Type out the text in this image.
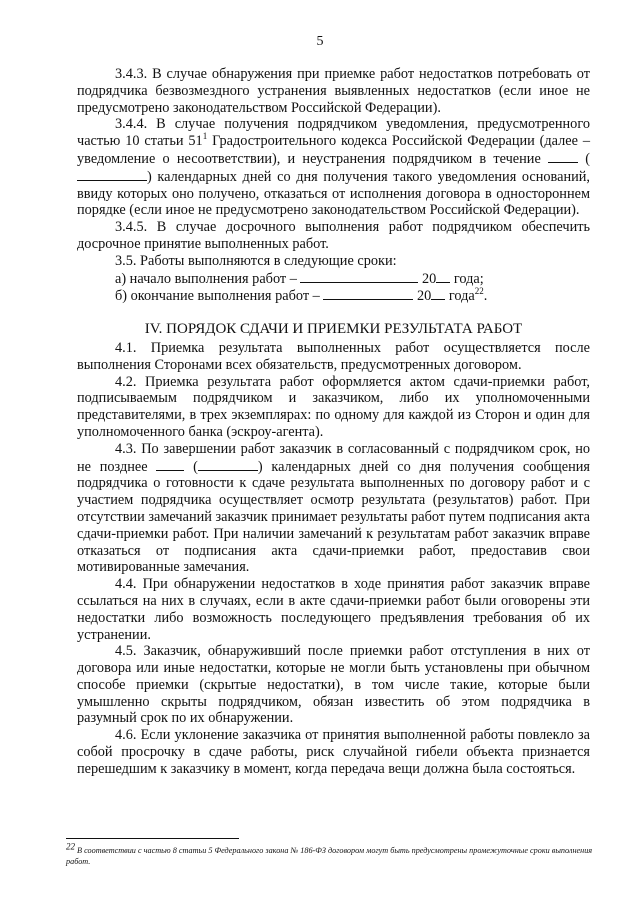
5

3.4.3. В случае обнаружения при приемке работ недостатков потребовать от подрядчика безвозмездного устранения выявленных недостатков (если иное не предусмотрено законодательством Российской Федерации).

3.4.4. В случае получения подрядчиком уведомления, предусмотренного частью 10 статьи $51^1$ Градостроительного кодекса Российской Федерации (далее – уведомление о несоответствии), и неустранения подрядчиком в течение  () календарных дней со дня получения такого уведомления оснований, ввиду которых оно получено, отказаться от исполнения договора в одностороннем порядке (если иное не предусмотрено законодательством Российской Федерации).

3.4.5. В случае досрочного выполнения работ подрядчиком обеспечить досрочное принятие выполненных работ.

3.5. Работы выполняются в следующие сроки:

а) начало выполнения работ –	20 года;

б) окончание выполнения работ –	20 года$^{22}$.

IV. ПОРЯДОК СДАЧИ И ПРИЕМКИ РЕЗУЛЬТАТА РАБОТ

4.1. Приемка результата выполненных работ осуществляется после выполнения Сторонами всех обязательств, предусмотренных договором.

4.2. Приемка результата работ оформляется актом сдачи-приемки работ, подписываемым подрядчиком и заказчиком, либо их уполномоченными представителями, в трех экземплярах: по одному для каждой из Сторон и один для уполномоченного банка (эскроу-агента).

4.3. По завершении работ заказчик в согласованный с подрядчиком срок, но не позднее  (	) календарных дней со дня получения сообщения подрядчика о готовности к сдаче результата выполненных по договору работ и с участием подрядчика осуществляет осмотр результата (результатов) работ. При отсутствии замечаний заказчик принимает результаты работ путем подписания акта сдачи-приемки работ. При наличии замечаний к результатам работ заказчик вправе отказаться от подписания акта сдачи-приемки работ, предоставив свои мотивированные замечания.

4.4. При обнаружении недостатков в ходе принятия работ заказчик вправе ссылаться на них в случаях, если в акте сдачи-приемки работ были оговорены эти недостатки либо возможность последующего предъявления требования об их устранении.

4.5. Заказчик, обнаруживший после приемки работ отступления в них от договора или иные недостатки, которые не могли быть установлены при обычном способе приемки (скрытые недостатки), в том числе такие, которые были умышленно скрыты подрядчиком, обязан известить об этом подрядчика в разумный срок по их обнаружении.

4.6. Если уклонение заказчика от принятия выполненной работы повлекло за собой просрочку в сдаче работы, риск случайной гибели объекта признается перешедшим к заказчику в момент, когда передача вещи должна была состояться.

$^{22}$ В соответствии с частью 8 статьи 5 Федерального закона № 186-ФЗ договором могут быть предусмотрены промежуточные сроки выполнения работ.
